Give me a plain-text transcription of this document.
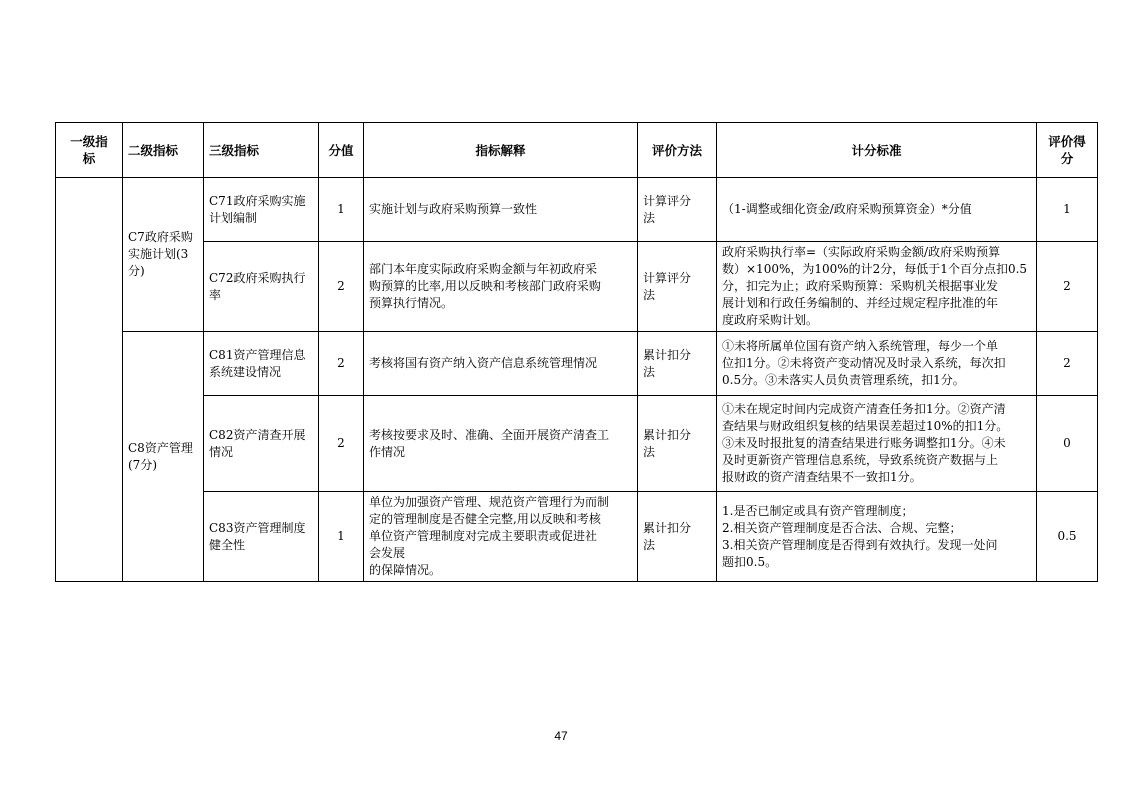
一级指
标	二级指标	三级指标	分值	指标解释	评价方法	计分标准	评价得
分
	C7政府采购
实施计划(3
分)	C71政府采购实施
计划编制	1	实施计划与政府采购预算一致性	计算评分
法	（1-调整或细化资金/政府采购预算资金）*分值	1
		C72政府采购执行
率	2	部门本年度实际政府采购金额与年初政府采
购预算的比率,用以反映和考核部门政府采购
预算执行情况。	计算评分
法	政府采购执行率=（实际政府采购金额/政府采购预算
数）×100%，为100%的计2分，每低于1个百分点扣0.5
分，扣完为止；政府采购预算：采购机关根据事业发
展计划和行政任务编制的、并经过规定程序批准的年
度政府采购计划。	2
	C8资产管理
(7分)	C81资产管理信息
系统建设情况	2	考核将国有资产纳入资产信息系统管理情况	累计扣分
法	①未将所属单位国有资产纳入系统管理，每少一个单
位扣1分。②未将资产变动情况及时录入系统，每次扣
0.5分。③未落实人员负责管理系统，扣1分。	2
		C82资产清查开展
情况	2	考核按要求及时、准确、全面开展资产清查工
作情况	累计扣分
法	①未在规定时间内完成资产清查任务扣1分。②资产清
查结果与财政组织复核的结果误差超过10%的扣1分。
③未及时报批复的清查结果进行账务调整扣1分。④未
及时更新资产管理信息系统，导致系统资产数据与上
报财政的资产清查结果不一致扣1分。	0
		C83资产管理制度
健全性	1	单位为加强资产管理、规范资产管理行为而制
定的管理制度是否健全完整,用以反映和考核
单位资产管理制度对完成主要职责或促进社
会发展
的保障情况。	累计扣分
法	1.是否已制定或具有资产管理制度；
2.相关资产管理制度是否合法、合规、完整；
3.相关资产管理制度是否得到有效执行。发现一处问
题扣0.5。	0.5
47
